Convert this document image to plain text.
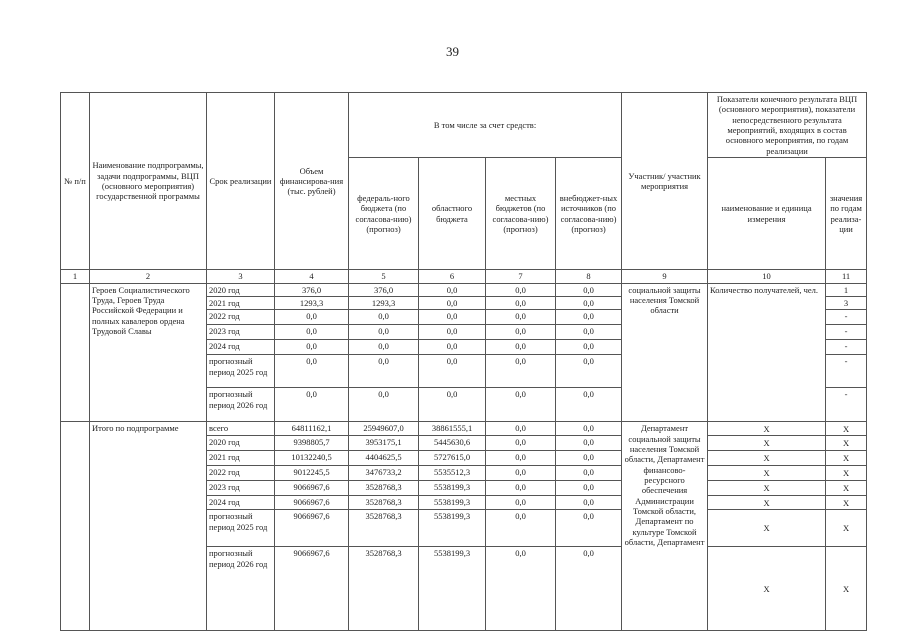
39
№ п/п	Наименование подпрограммы, задачи подпрограммы, ВЦП (основного мероприятия) государственной программы	Срок реализации	Объем финансирова-ния (тыс. рублей)	В том числе за счет средств:				Участник/ участник мероприятия	Показатели конечного результата ВЦП (основного мероприятия), показатели непосредственного результата мероприятий, входящих в состав основного мероприятия, по годам реализации	
				федераль-ного бюджета (по согласова-нию) (прогноз)	областного бюджета	местных бюджетов (по согласова-нию) (прогноз)	внебюджет-ных источников (по согласова-нию) (прогноз)		наименование и единица измерения	значения по годам реализа-ции
1	2	3	4	5	6	7	8	9	10	11
	Героев Социалистического Труда, Героев Труда Российской Федерации и полных кавалеров ордена Трудовой Славы	2020 год	376,0	376,0	0,0	0,0	0,0	социальной защиты населения Томской области	Количество получателей, чел.	1
		2021 год	1293,3	1293,3	0,0	0,0	0,0			3
		2022 год	0,0	0,0	0,0	0,0	0,0			-
		2023 год	0,0	0,0	0,0	0,0	0,0			-
		2024 год	0,0	0,0	0,0	0,0	0,0			-
		прогнозный период 2025 год	0,0	0,0	0,0	0,0	0,0			-
		прогнозный период 2026 год	0,0	0,0	0,0	0,0	0,0			-
	Итого по подпрограмме	всего	64811162,1	25949607,0	38861555,1	0,0	0,0	Департамент социальной защиты населения Томской области, Департамент финансово-ресурсного обеспечения Администрации Томской области, Департамент по культуре Томской области, Департамент	Х	Х
		2020 год	9398805,7	3953175,1	5445630,6	0,0	0,0		Х	Х
		2021 год	10132240,5	4404625,5	5727615,0	0,0	0,0		Х	Х
		2022 год	9012245,5	3476733,2	5535512,3	0,0	0,0		Х	Х
		2023 год	9066967,6	3528768,3	5538199,3	0,0	0,0		Х	Х
		2024 год	9066967,6	3528768,3	5538199,3	0,0	0,0		Х	Х
		прогнозный период 2025 год	9066967,6	3528768,3	5538199,3	0,0	0,0		Х	Х
		прогнозный период 2026 год	9066967,6	3528768,3	5538199,3	0,0	0,0		Х	Х
